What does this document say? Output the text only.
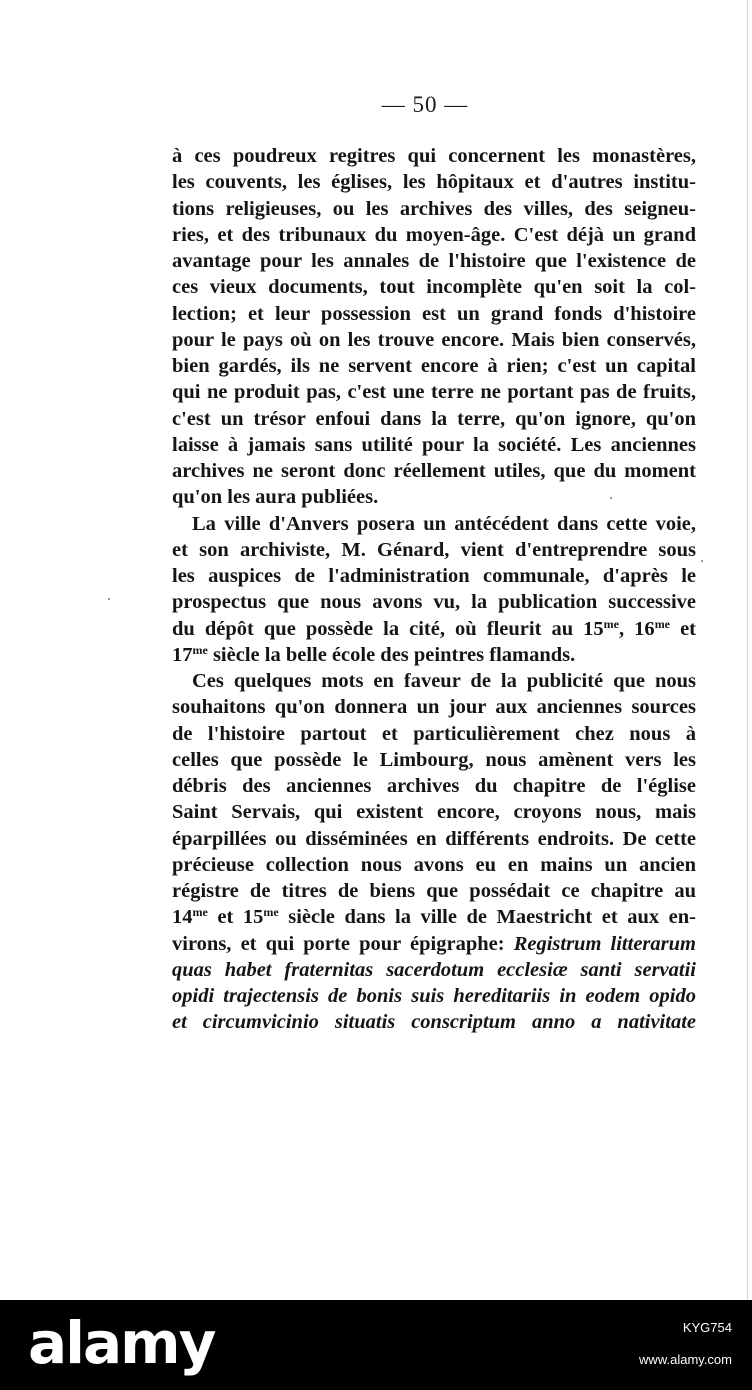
— 50 —
à ces poudreux regitres qui concernent les monastères,
les couvents, les églises, les hôpitaux et d'autres institu-
tions religieuses, ou les archives des villes, des seigneu-
ries, et des tribunaux du moyen-âge. C'est déjà un grand
avantage pour les annales de l'histoire que l'existence de
ces vieux documents, tout incomplète qu'en soit la col-
lection; et leur possession est un grand fonds d'histoire
pour le pays où on les trouve encore. Mais bien conservés,
bien gardés, ils ne servent encore à rien; c'est un capital
qui ne produit pas, c'est une terre ne portant pas de fruits,
c'est un trésor enfoui dans la terre, qu'on ignore, qu'on
laisse à jamais sans utilité pour la société. Les anciennes
archives ne seront donc réellement utiles, que du moment
qu'on les aura publiées.
La ville d'Anvers posera un antécédent dans cette voie,
et son archiviste, M. Génard, vient d'entreprendre sous
les auspices de l'administration communale, d'après le
prospectus que nous avons vu, la publication successive
du dépôt que possède la cité, où fleurit au $15^{me}$, $16^{me}$ et
$17^{me}$ siècle la belle école des peintres flamands.
Ces quelques mots en faveur de la publicité que nous
souhaitons qu'on donnera un jour aux anciennes sources
de l'histoire partout et particulièrement chez nous à
celles que possède le Limbourg, nous amènent vers les
débris des anciennes archives du chapitre de l'église
Saint Servais, qui existent encore, croyons nous, mais
éparpillées ou disséminées en différents endroits. De cette
précieuse collection nous avons eu en mains un ancien
régistre de titres de biens que possédait ce chapitre au
$14^{me}$ et $15^{me}$ siècle dans la ville de Maestricht et aux en-
virons, et qui porte pour épigraphe: Registrum litterarum
quas habet fraternitas sacerdotum ecclesiæ santi servatii
opidi trajectensis de bonis suis hereditariis in eodem opido
et circumvicinio situatis conscriptum anno a nativitate
alamy	KYG754
www.alamy.com
